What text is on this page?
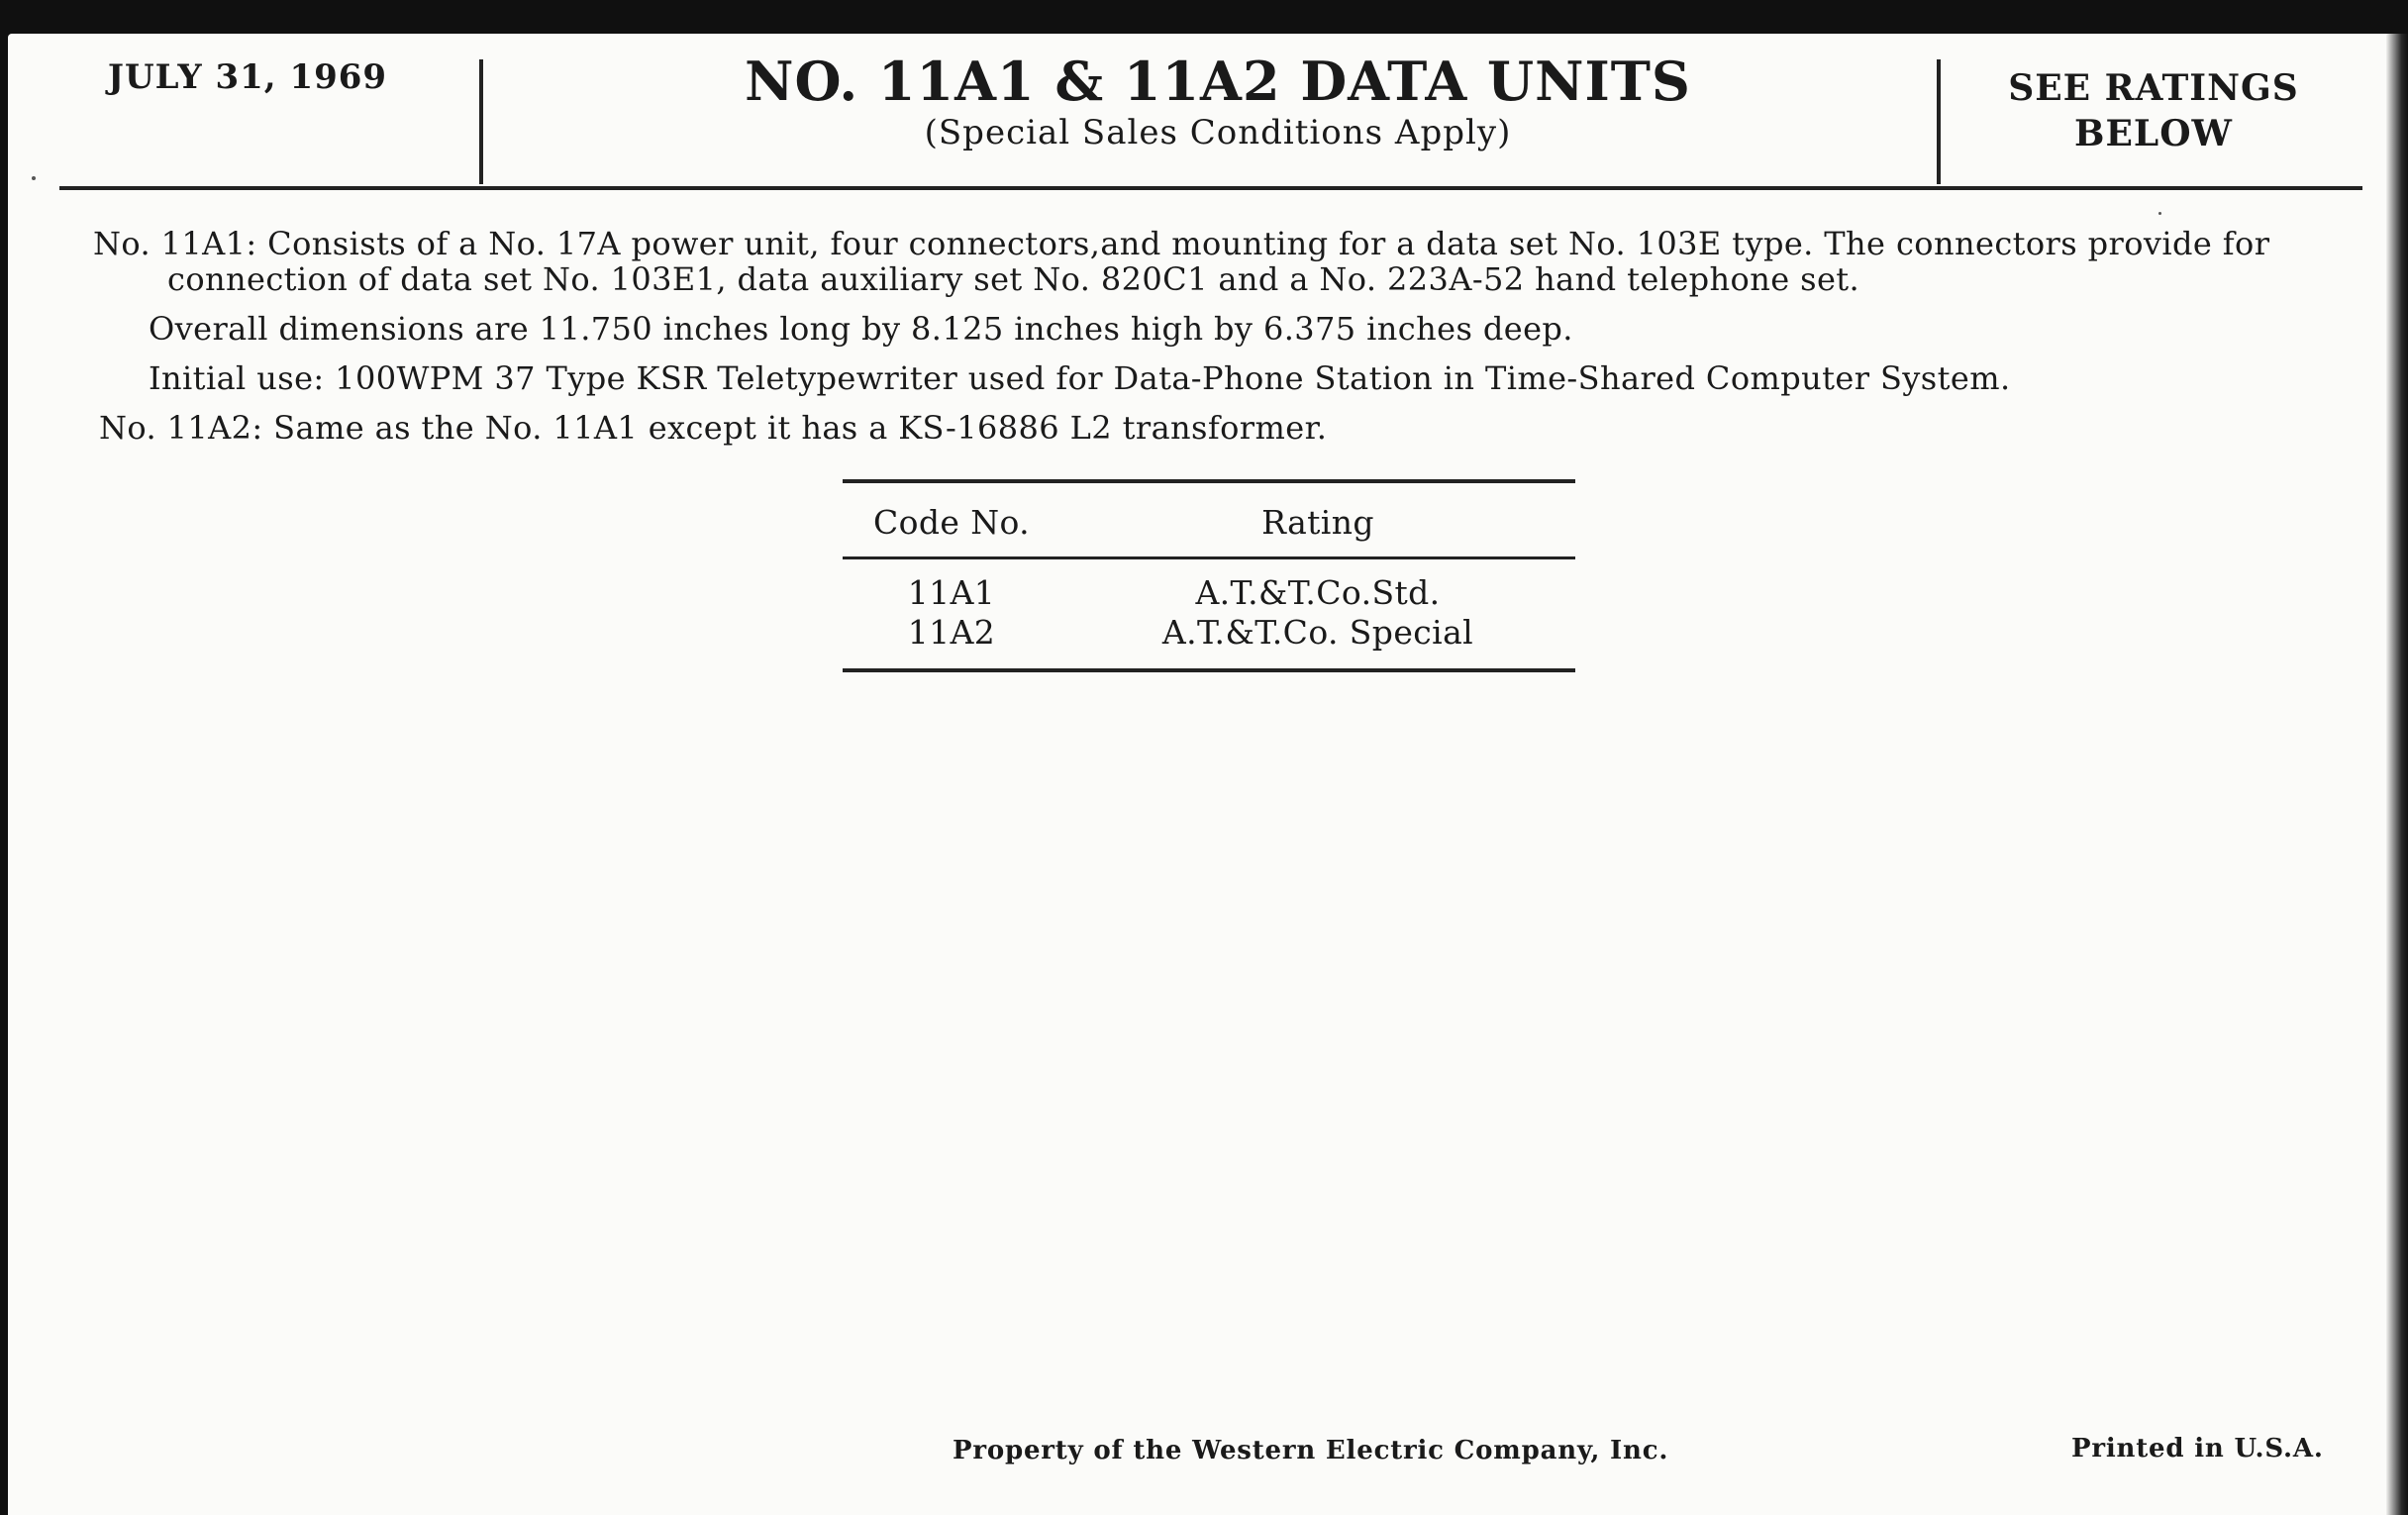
JULY 31, 1969	NO. 11A1 & 11A2 DATA UNITS
(Special Sales Conditions Apply)
SEE RATINGS
BELOW

No. 11A1: Consists of a No. 17A power unit, four connectors,and mounting for a data set No. 103E type. The connectors provide for connection of data set No. 103E1, data auxiliary set No. 820C1 and a No. 223A-52 hand telephone set.

Overall dimensions are 11.750 inches long by 8.125 inches high by 6.375 inches deep.

Initial use: 100WPM 37 Type KSR Teletypewriter used for Data-Phone Station in Time-Shared Computer System.

No. 11A2: Same as the No. 11A1 except it has a KS-16886 L2 transformer.

Code No.	Rating
11A1	A.T.&T.Co.Std.
11A2	A.T.&T.Co. Special
Property of the Western Electric Company, Inc.	Printed in U.S.A.
